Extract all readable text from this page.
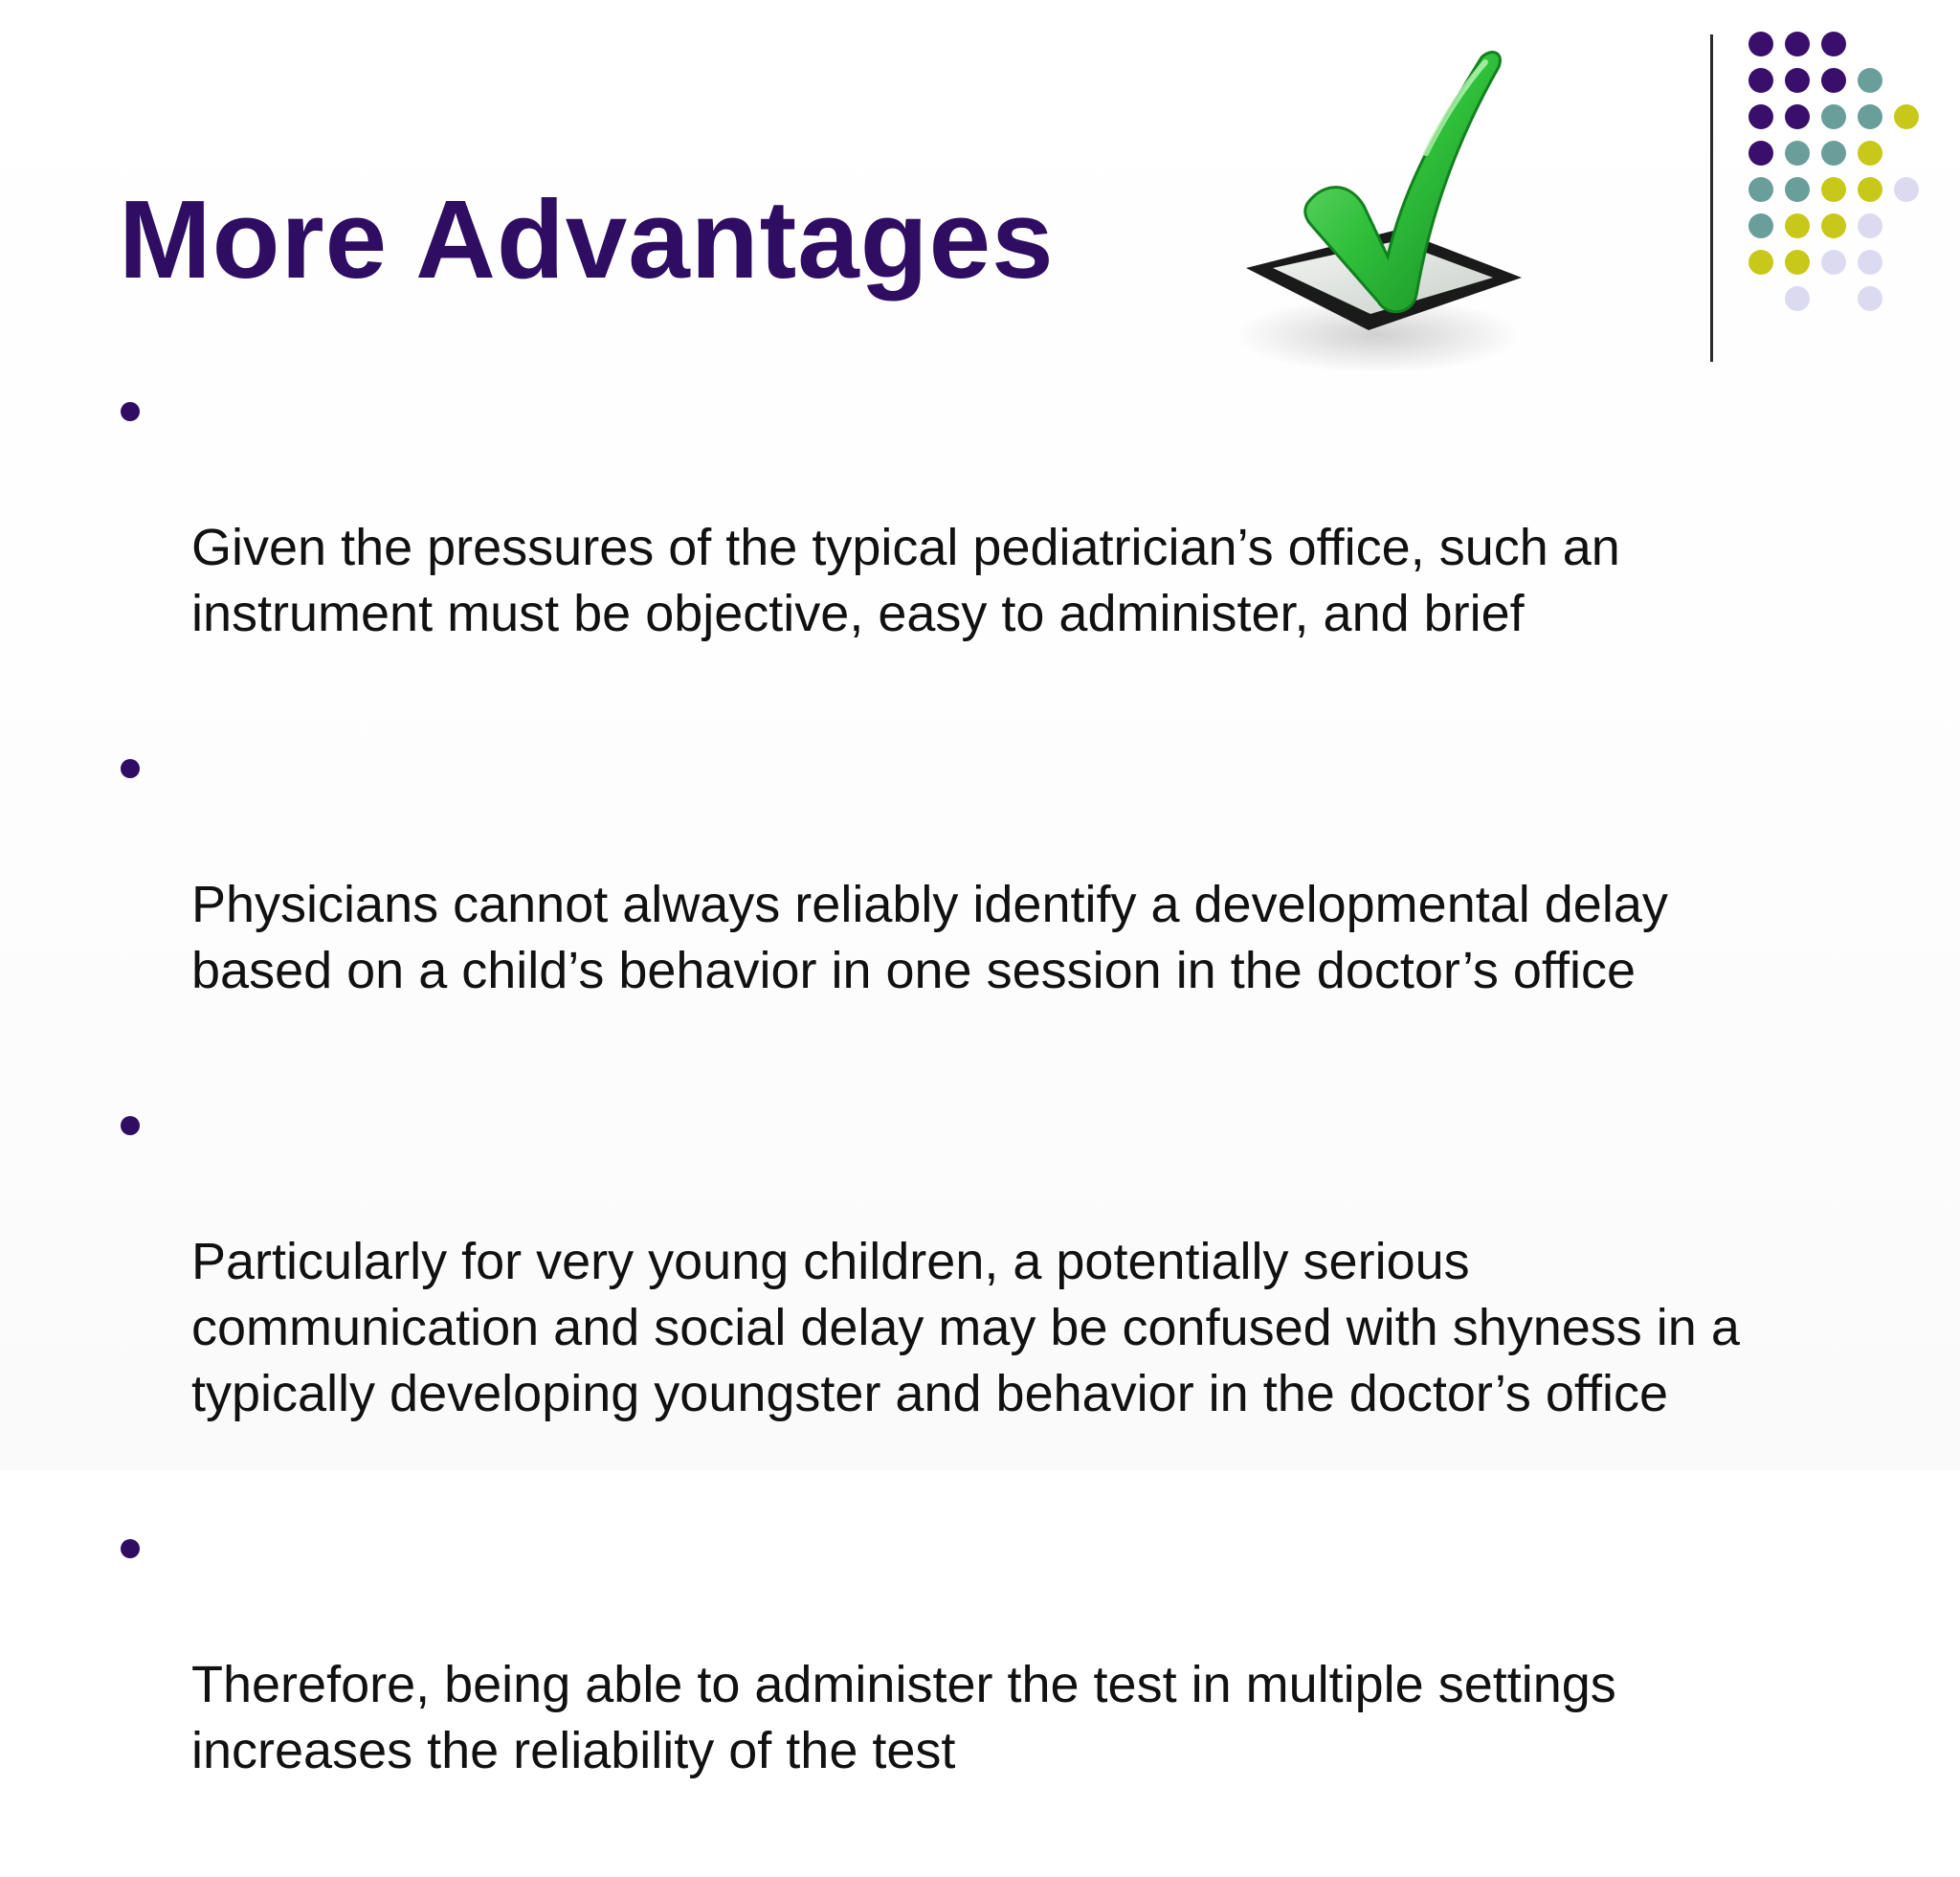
More Advantages

Given the pressures of the typical pediatrician’s office, such an
instrument must be objective, easy to administer, and brief

Physicians cannot always reliably identify a developmental delay
based on a child’s behavior in one session in the doctor’s office

Particularly for very young children, a potentially serious
communication and social delay may be confused with shyness in a
typically developing youngster and behavior in the doctor’s office

Therefore, being able to administer the test in multiple settings
increases the reliability of the test
